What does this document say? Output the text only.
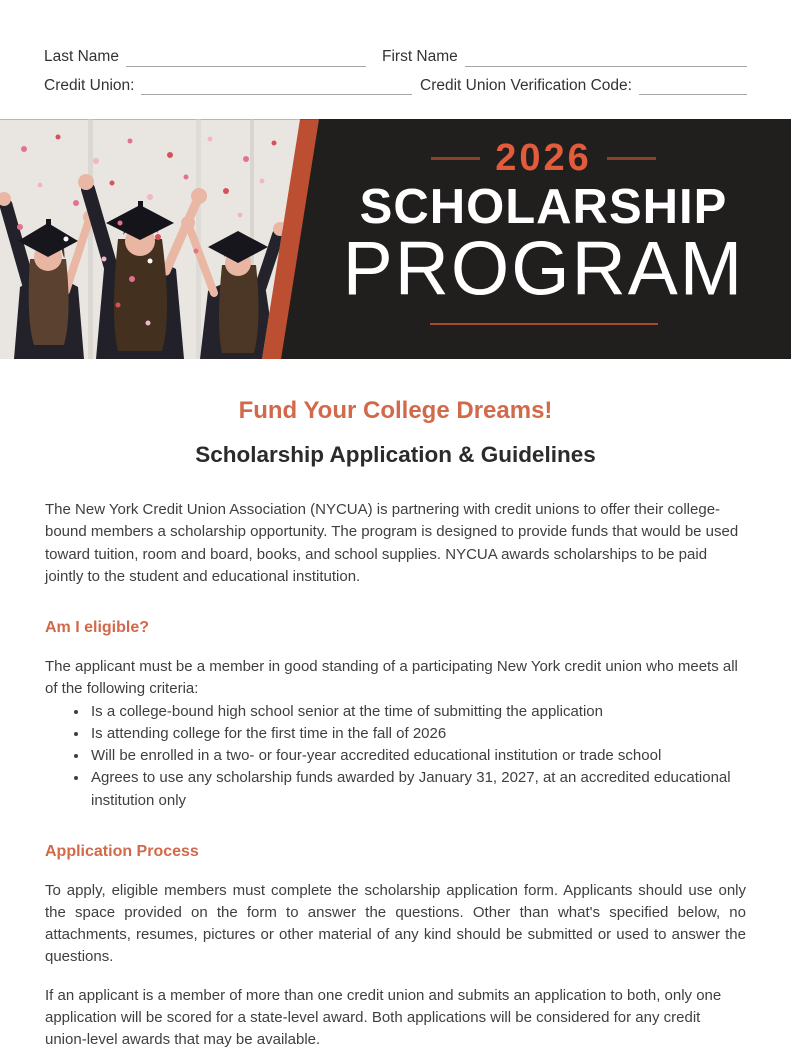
Last Name	First Name
Credit Union:	Credit Union Verification Code:
2026
SCHOLARSHIP
PROGRAM
Fund Your College Dreams!
Scholarship Application & Guidelines

The New York Credit Union Association (NYCUA) is partnering with credit unions to offer their college-bound members a scholarship opportunity. The program is designed to provide funds that would be used toward tuition, room and board, books, and school supplies. NYCUA awards scholarships to be paid jointly to the student and educational institution.

Am I eligible?

The applicant must be a member in good standing of a participating New York credit union who meets all of the following criteria:

• Is a college-bound high school senior at the time of submitting the application
• Is attending college for the first time in the fall of 2026
• Will be enrolled in a two- or four-year accredited educational institution or trade school
• Agrees to use any scholarship funds awarded by January 31, 2027, at an accredited educational institution only
Application Process

To apply, eligible members must complete the scholarship application form. Applicants should use only the space provided on the form to answer the questions. Other than what's specified below, no attachments, resumes, pictures or other material of any kind should be submitted or used to answer the questions.

If an applicant is a member of more than one credit union and submits an application to both, only one application will be scored for a state-level award. Both applications will be considered for any credit union-level awards that may be available.
